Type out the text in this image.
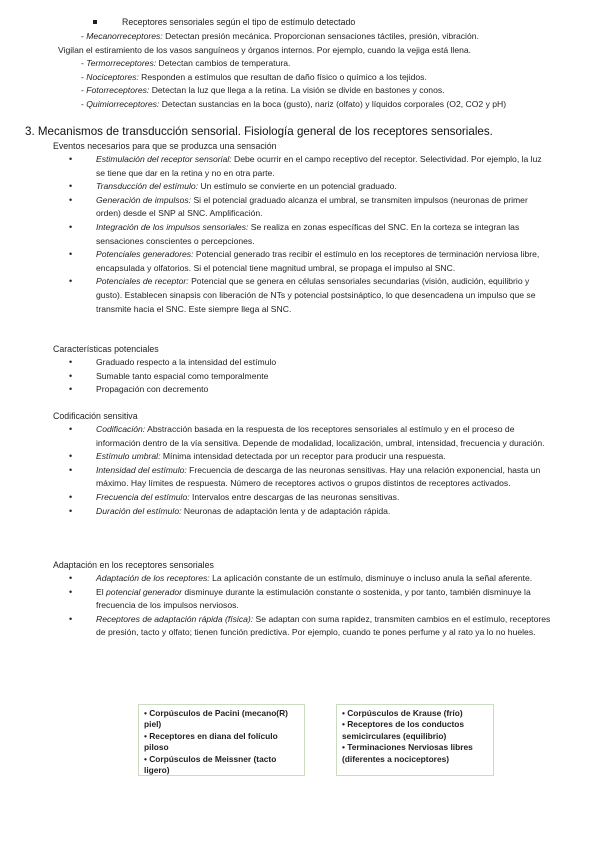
Receptores sensoriales según el tipo de estímulo detectado

- Mecanorreceptores: Detectan presión mecánica. Proporcionan sensaciones táctiles, presión, vibración.

Vigilan el estiramiento de los vasos sanguíneos y órganos internos. Por ejemplo, cuando la vejiga está llena.

- Termorreceptores: Detectan cambios de temperatura.

- Nociceptores: Responden a estímulos que resultan de daño físico o químico a los tejidos.

- Fotorreceptores: Detectan la luz que llega a la retina. La visión se divide en bastones y conos.

- Quimiorreceptores: Detectan sustancias en la boca (gusto), nariz (olfato) y líquidos corporales (O2, CO2 y pH)

3. Mecanismos de transducción sensorial. Fisiología general de los receptores sensoriales.
Eventos necesarios para que se produzca una sensación
•	Estimulación del receptor sensorial: Debe ocurrir en el campo receptivo del receptor. Selectividad. Por ejemplo, la luz se tiene que dar en la retina y no en otra parte.
•	Transducción del estímulo: Un estímulo se convierte en un potencial graduado.
•	Generación de impulsos: Si el potencial graduado alcanza el umbral, se transmiten impulsos (neuronas de primer orden) desde el SNP al SNC. Amplificación.
•	Integración de los impulsos sensoriales: Se realiza en zonas específicas del SNC. En la corteza se integran las sensaciones conscientes o percepciones.
•	Potenciales generadores: Potencial generado tras recibir el estímulo en los receptores de terminación nerviosa libre, encapsulada y olfatorios. Si el potencial tiene magnitud umbral, se propaga el impulso al SNC.
•	Potenciales de receptor: Potencial que se genera en células sensoriales secundarias (visión, audición, equilibrio y gusto). Establecen sinapsis con liberación de NTs y potencial postsináptico, lo que desencadena un impulso que se transmite hacia el SNC. Este siempre llega al SNC.
Características potenciales
•	Graduado respecto a la intensidad del estímulo
•	Sumable tanto espacial como temporalmente
•	Propagación con decremento
Codificación sensitiva
•	Codificación: Abstracción basada en la respuesta de los receptores sensoriales al estímulo y en el proceso de información dentro de la vía sensitiva. Depende de modalidad, localización, umbral, intensidad, frecuencia y duración.
•	Estímulo umbral: Mínima intensidad detectada por un receptor para producir una respuesta.
•	Intensidad del estímulo: Frecuencia de descarga de las neuronas sensitivas. Hay una relación exponencial, hasta un máximo. Hay límites de respuesta. Número de receptores activos o grupos distintos de receptores activados.
•	Frecuencia del estímulo: Intervalos entre descargas de las neuronas sensitivas.
•	Duración del estímulo: Neuronas de adaptación lenta y de adaptación rápida.
Adaptación en los receptores sensoriales
•	Adaptación de los receptores: La aplicación constante de un estímulo, disminuye o incluso anula la señal aferente.
•	El potencial generador disminuye durante la estimulación constante o sostenida, y por tanto, también disminuye la frecuencia de los impulsos nerviosos.
•	Receptores de adaptación rápida (física): Se adaptan con suma rapidez, transmiten cambios en el estímulo, receptores de presión, tacto y olfato; tienen función predictiva. Por ejemplo, cuando te pones perfume y al rato ya lo no hueles.
• Corpúsculos de Pacini (mecano(R) piel)
• Receptores en diana del folículo piloso
• Corpúsculos de Meissner (tacto ligero)
• Corpúsculos de Krause (frío)
• Receptores de los conductos semicirculares (equilibrio)
• Terminaciones Nerviosas libres (diferentes a nociceptores)
